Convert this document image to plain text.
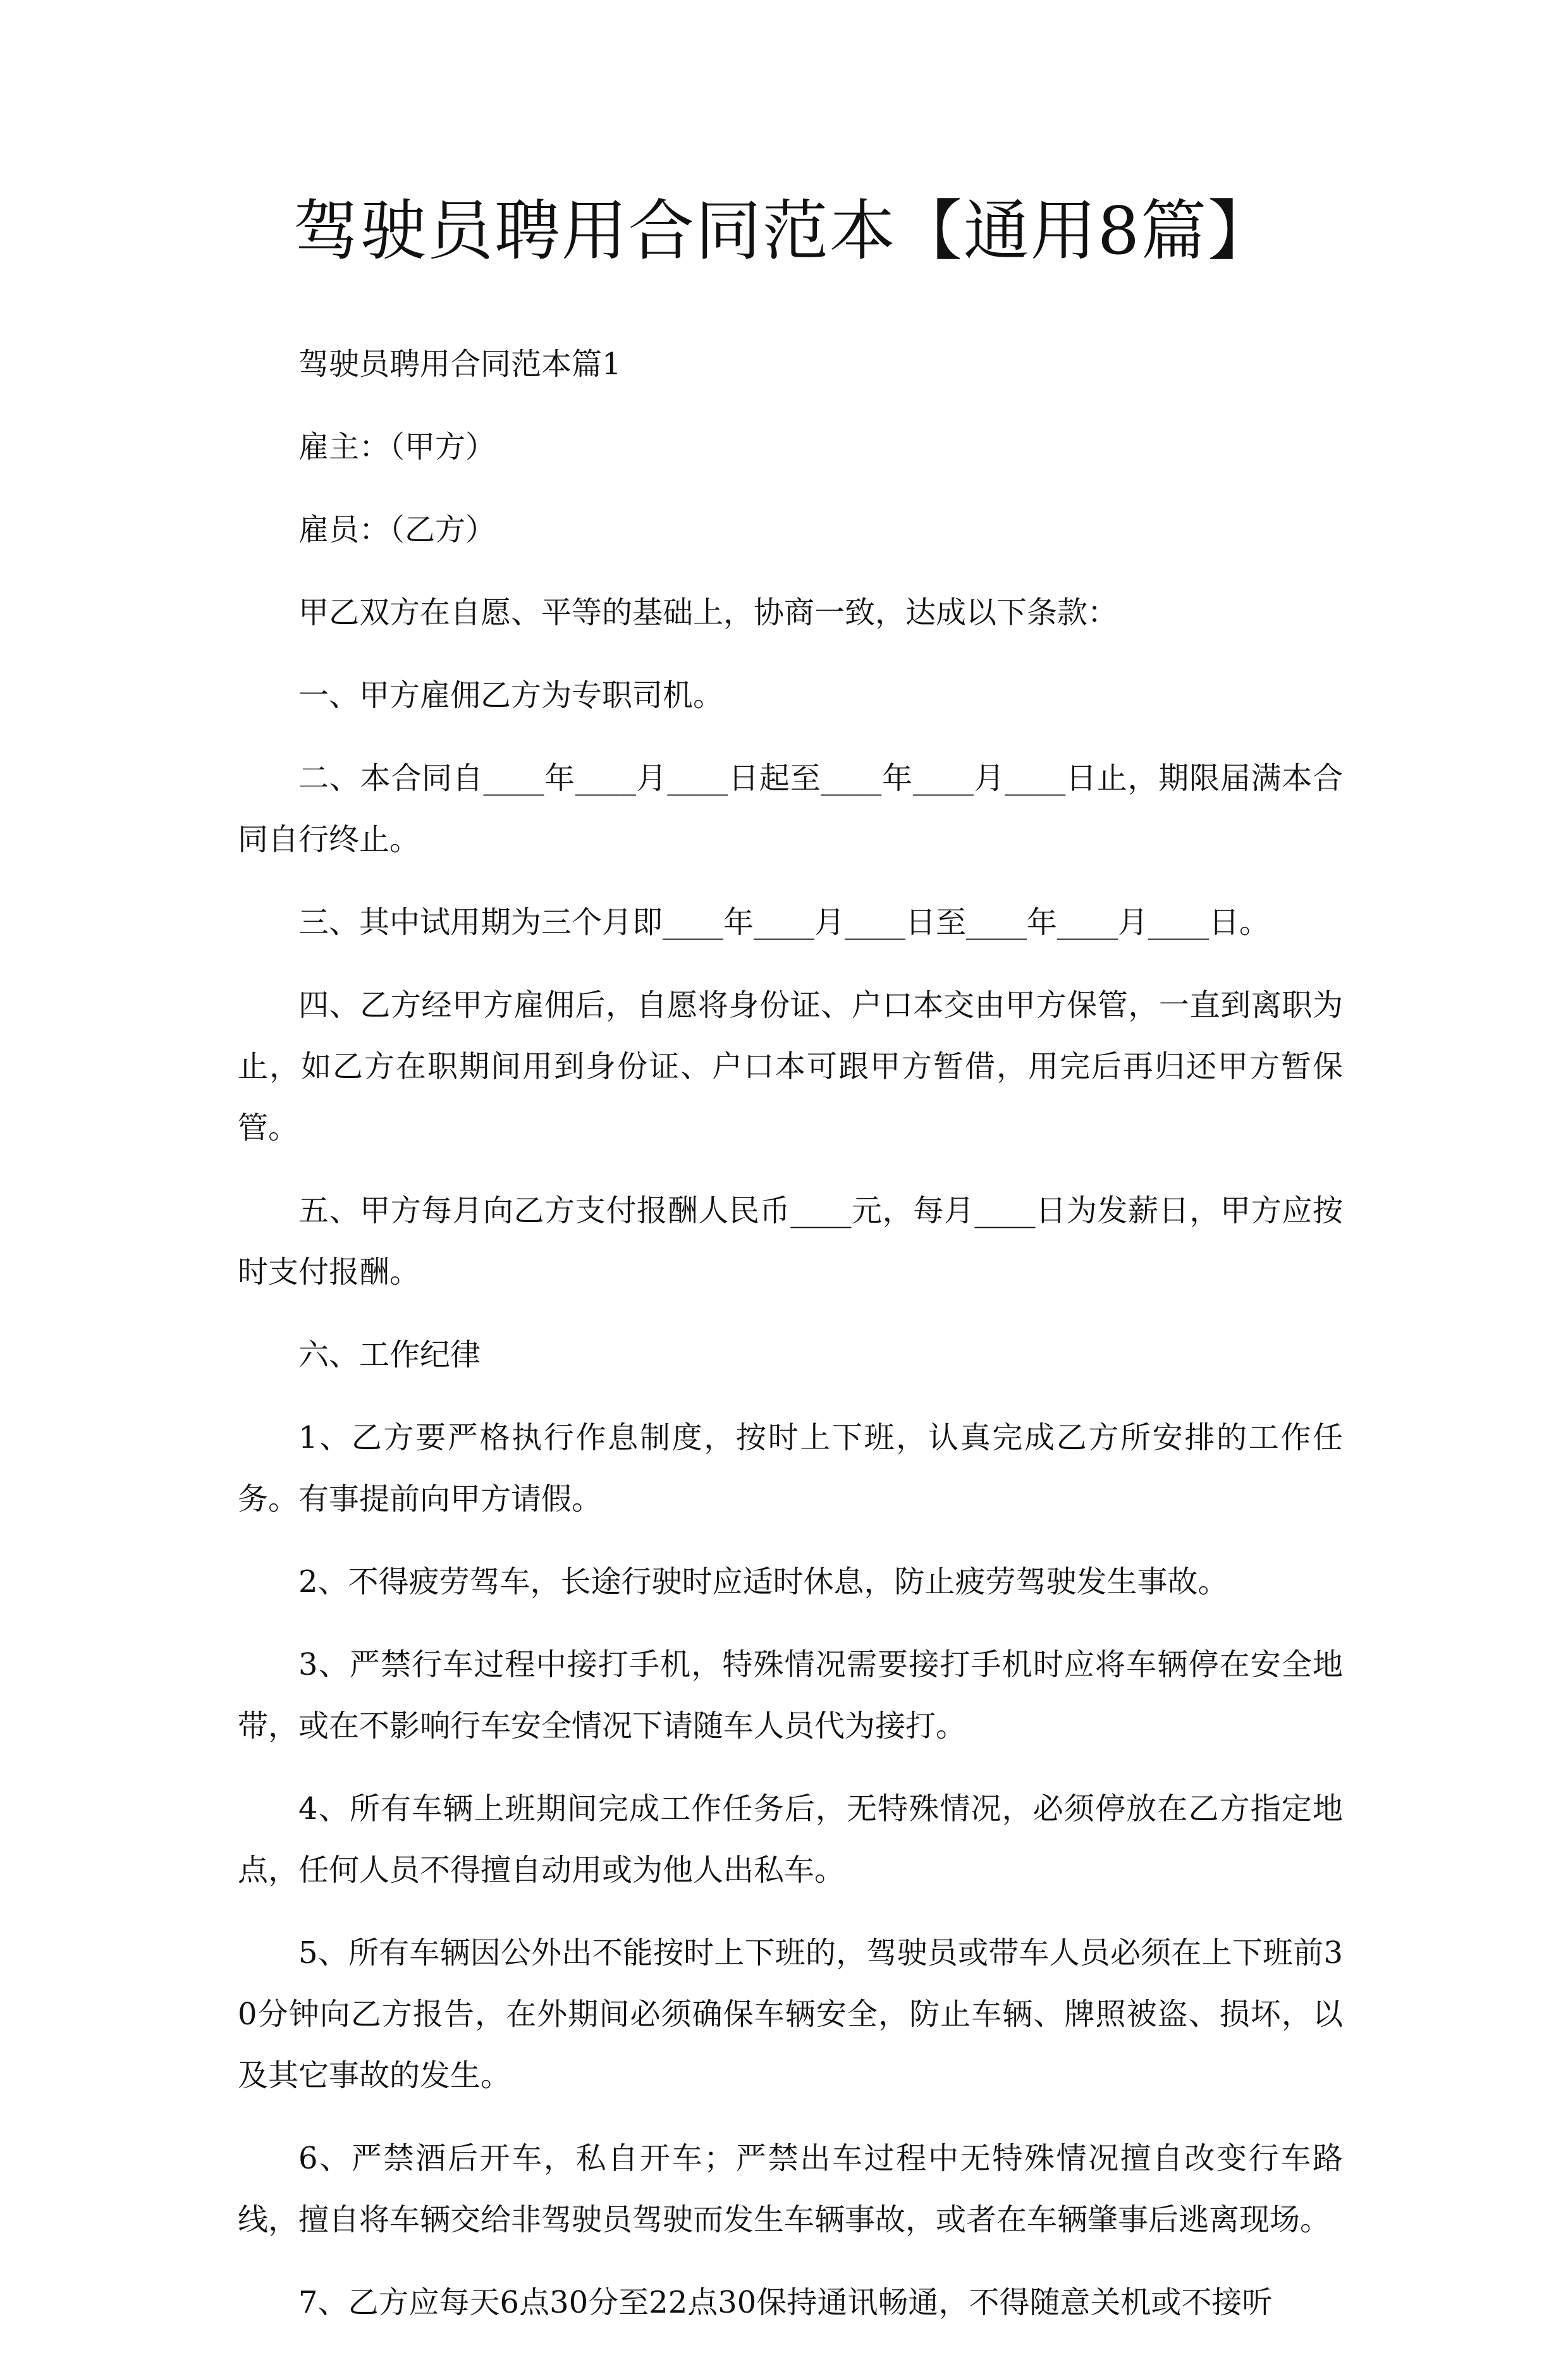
驾驶员聘用合同范本【通用8篇】

驾驶员聘用合同范本篇1

雇主：（甲方）

雇员：（乙方）

甲乙双方在自愿、平等的基础上，协商一致，达成以下条款：

一、甲方雇佣乙方为专职司机。

二、本合同自____年____月____日起至____年____月____日止，期限届满本合同自行终止。

三、其中试用期为三个月即____年____月____日至____年____月____日。

四、乙方经甲方雇佣后，自愿将身份证、户口本交由甲方保管，一直到离职为止，如乙方在职期间用到身份证、户口本可跟甲方暂借，用完后再归还甲方暂保管。

五、甲方每月向乙方支付报酬人民币____元，每月____日为发薪日，甲方应按时支付报酬。

六、工作纪律

1、乙方要严格执行作息制度，按时上下班，认真完成乙方所安排的工作任务。有事提前向甲方请假。

2、不得疲劳驾车，长途行驶时应适时休息，防止疲劳驾驶发生事故。

3、严禁行车过程中接打手机，特殊情况需要接打手机时应将车辆停在安全地带，或在不影响行车安全情况下请随车人员代为接打。

4、所有车辆上班期间完成工作任务后，无特殊情况，必须停放在乙方指定地点，任何人员不得擅自动用或为他人出私车。

5、所有车辆因公外出不能按时上下班的，驾驶员或带车人员必须在上下班前30分钟向乙方报告，在外期间必须确保车辆安全，防止车辆、牌照被盗、损坏，以及其它事故的发生。

6、严禁酒后开车，私自开车；严禁出车过程中无特殊情况擅自改变行车路线，擅自将车辆交给非驾驶员驾驶而发生车辆事故，或者在车辆肇事后逃离现场。

7、乙方应每天6点30分至22点30保持通讯畅通，不得随意关机或不接听
